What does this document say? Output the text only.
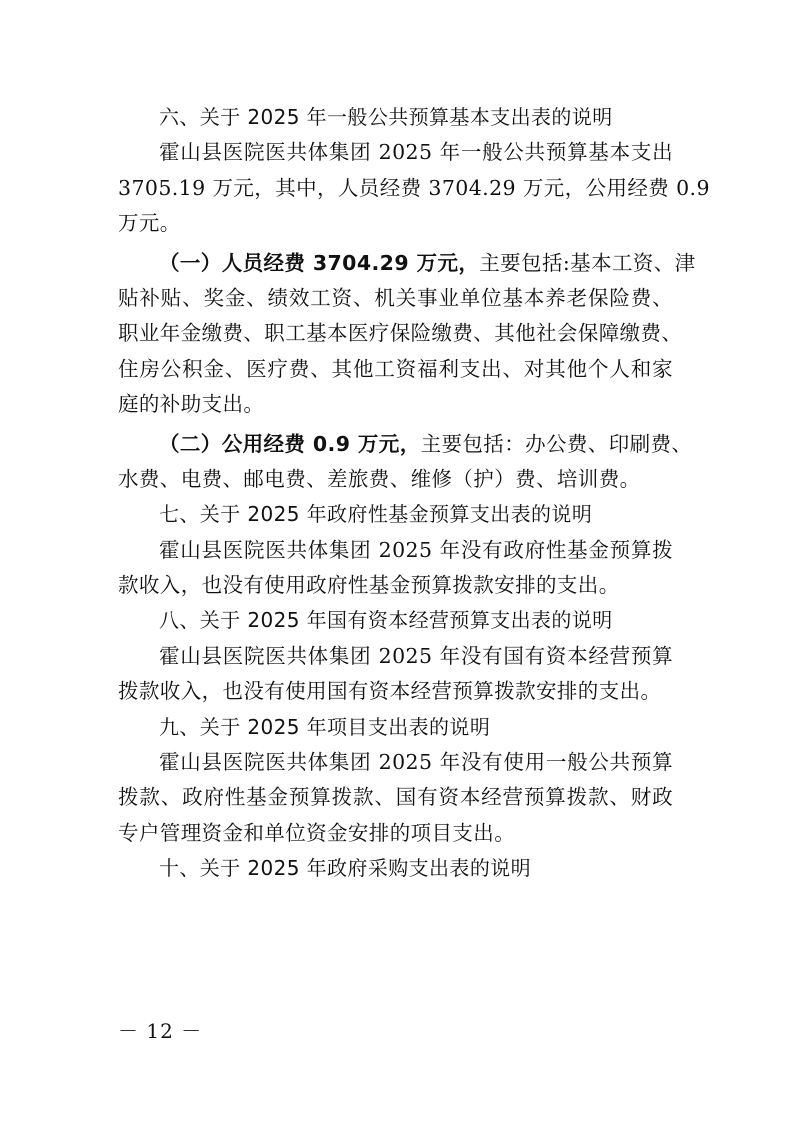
六、关于 2025 年一般公共预算基本支出表的说明
霍山县医院医共体集团 2025 年一般公共预算基本支出
3705.19 万元，其中，人员经费 3704.29 万元，公用经费 0.9
万元。
（一）人员经费 3704.29 万元， 主要包括:基本工资、津
贴补贴、奖金、绩效工资、机关事业单位基本养老保险费、
职业年金缴费、职工基本医疗保险缴费、其他社会保障缴费、
住房公积金、医疗费、其他工资福利支出、对其他个人和家
庭的补助支出。
（二）公用经费 0.9 万元， 主要包括：办公费、印刷费、
水费、电费、邮电费、差旅费、维修（护）费、培训费。
七、关于 2025 年政府性基金预算支出表的说明
霍山县医院医共体集团 2025 年没有政府性基金预算拨
款收入，也没有使用政府性基金预算拨款安排的支出。
八、关于 2025 年国有资本经营预算支出表的说明
霍山县医院医共体集团 2025 年没有国有资本经营预算
拨款收入，也没有使用国有资本经营预算拨款安排的支出。
九、关于 2025 年项目支出表的说明
霍山县医院医共体集团 2025 年没有使用一般公共预算
拨款、政府性基金预算拨款、国有资本经营预算拨款、财政
专户管理资金和单位资金安排的项目支出。
十、关于 2025 年政府采购支出表的说明
－ 12 －
